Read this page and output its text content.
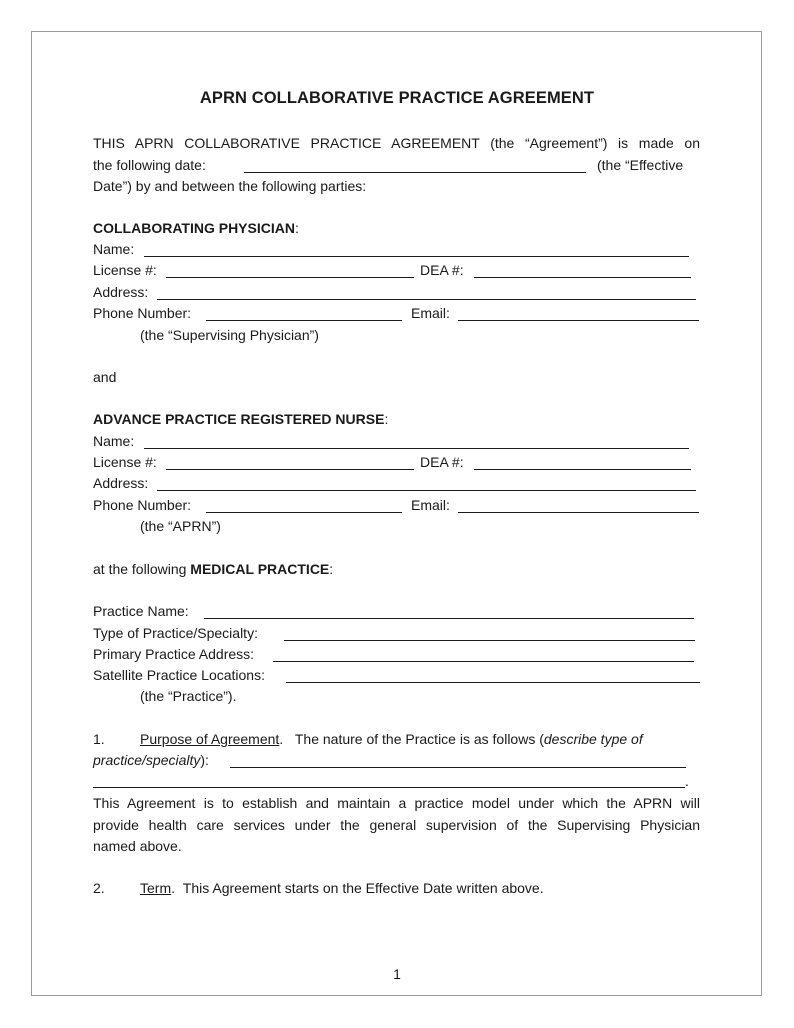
APRN COLLABORATIVE PRACTICE AGREEMENT
THIS APRN COLLABORATIVE PRACTICE AGREEMENT (the “Agreement”) is made on
the following date:	(the “Effective
Date”) by and between the following parties:
COLLABORATING PHYSICIAN:
Name:
License #:	DEA #:
Address:
Phone Number:	Email:
(the “Supervising Physician”)
and
ADVANCE PRACTICE REGISTERED NURSE:
Name:
License #:	DEA #:
Address:
Phone Number:	Email:
(the “APRN”)
at the following MEDICAL PRACTICE:
Practice Name:
Type of Practice/Specialty:
Primary Practice Address:
Satellite Practice Locations:
(the “Practice”).
1.	Purpose of Agreement. The nature of the Practice is as follows (describe type of
practice/specialty):
.
This Agreement is to establish and maintain a practice model under which the APRN will
provide health care services under the general supervision of the Supervising Physician
named above.
2.	Term. This Agreement starts on the Effective Date written above.
1
